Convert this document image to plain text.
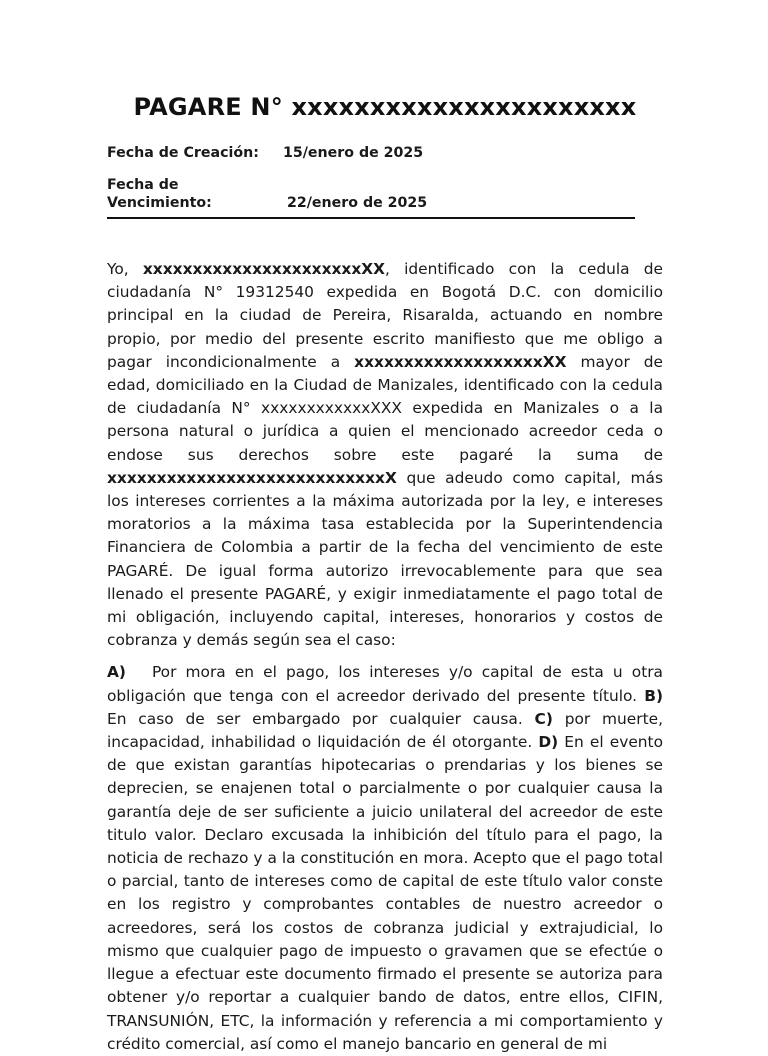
PAGARE N° xxxxxxxxxxxxxxxxxxxxxx
Fecha de Creación: 15/enero de 2025
Fecha de Vencimiento:	22/enero de 2025

Yo, xxxxxxxxxxxxxxxxxxxxxxXX, identificado con la cedula de ciudadanía N° 19312540 expedida en Bogotá D.C. con domicilio principal en la ciudad de Pereira, Risaralda, actuando en nombre propio, por medio del presente escrito manifiesto que me obligo a pagar incondicionalmente a xxxxxxxxxxxxxxxxxxxXX mayor de edad, domiciliado en la Ciudad de Manizales, identificado con la cedula de ciudadanía N° xxxxxxxxxxxxXXX expedida en Manizales o a la persona natural o jurídica a quien el mencionado acreedor ceda o endose sus derechos sobre este pagaré la suma de xxxxxxxxxxxxxxxxxxxxxxxxxxxxX que adeudo como capital, más los intereses corrientes a la máxima autorizada por la ley, e intereses moratorios a la máxima tasa establecida por la Superintendencia Financiera de Colombia a partir de la fecha del vencimiento de este PAGARÉ. De igual forma autorizo irrevocablemente para que sea llenado el presente PAGARÉ, y exigir inmediatamente el pago total de mi obligación, incluyendo capital, intereses, honorarios y costos de cobranza y demás según sea el caso:

A) Por mora en el pago, los intereses y/o capital de esta u otra obligación que tenga con el acreedor derivado del presente título. B) En caso de ser embargado por cualquier causa. C) por muerte, incapacidad, inhabilidad o liquidación de él otorgante. D) En el evento de que existan garantías hipotecarias o prendarias y los bienes se deprecien, se enajenen total o parcialmente o por cualquier causa la garantía deje de ser suficiente a juicio unilateral del acreedor de este titulo valor. Declaro excusada la inhibición del título para el pago, la noticia de rechazo y a la constitución en mora. Acepto que el pago total o parcial, tanto de intereses como de capital de este título valor conste en los registro y comprobantes contables de nuestro acreedor o acreedores, será los costos de cobranza judicial y extrajudicial, lo mismo que cualquier pago de impuesto o gravamen que se efectúe o llegue a efectuar este documento firmado el presente se autoriza para obtener y/o reportar a cualquier bando de datos, entre ellos, CIFIN, TRANSUNIÓN, ETC, la información y referencia a mi comportamiento y crédito comercial, así como el manejo bancario en general de mi
